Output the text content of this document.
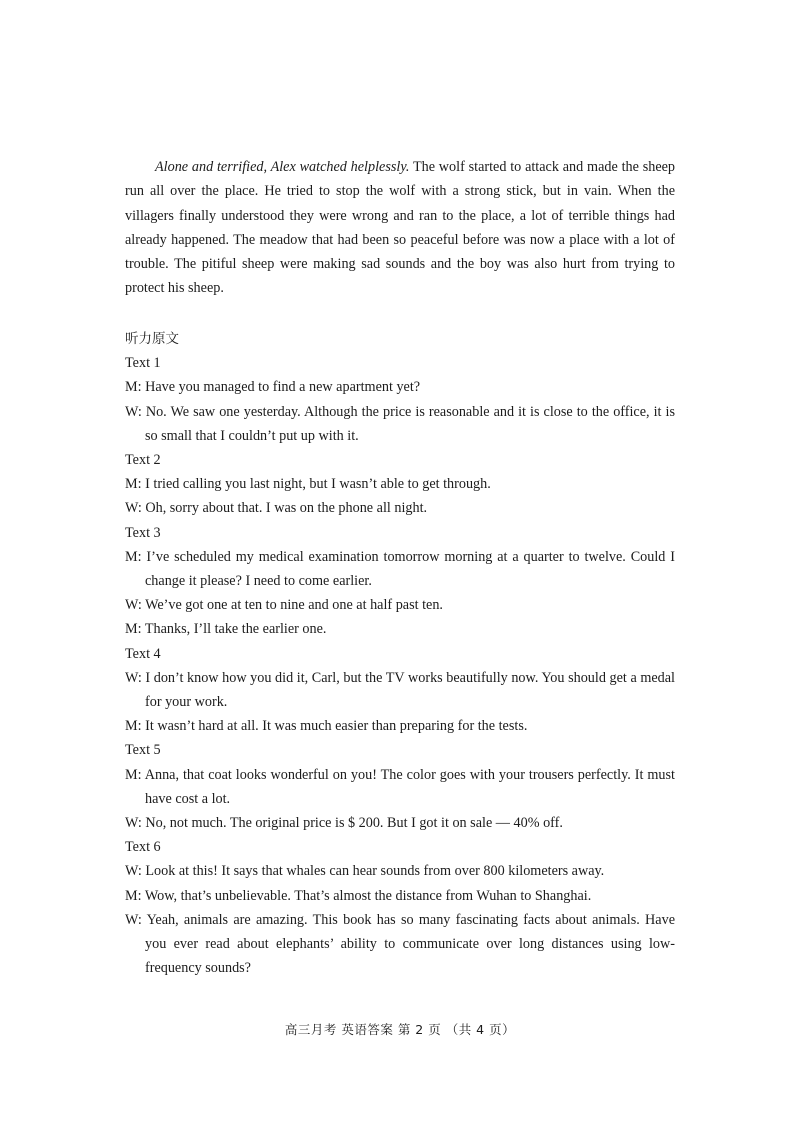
Alone and terrified, Alex watched helplessly. The wolf started to attack and made the sheep run all over the place. He tried to stop the wolf with a strong stick, but in vain. When the villagers finally understood they were wrong and ran to the place, a lot of terrible things had already happened. The meadow that had been so peaceful before was now a place with a lot of trouble. The pitiful sheep were making sad sounds and the boy was also hurt from trying to protect his sheep.

听力原文
Text 1

M: Have you managed to find a new apartment yet?

W: No. We saw one yesterday. Although the price is reasonable and it is close to the office, it is so small that I couldn’t put up with it.

Text 2

M: I tried calling you last night, but I wasn’t able to get through.

W: Oh, sorry about that. I was on the phone all night.

Text 3

M: I’ve scheduled my medical examination tomorrow morning at a quarter to twelve. Could I change it please? I need to come earlier.

W: We’ve got one at ten to nine and one at half past ten.

M: Thanks, I’ll take the earlier one.

Text 4

W: I don’t know how you did it, Carl, but the TV works beautifully now. You should get a medal for your work.

M: It wasn’t hard at all. It was much easier than preparing for the tests.

Text 5

M: Anna, that coat looks wonderful on you! The color goes with your trousers perfectly. It must have cost a lot.

W: No, not much. The original price is $ 200. But I got it on sale — 40% off.

Text 6

W: Look at this! It says that whales can hear sounds from over 800 kilometers away.

M: Wow, that’s unbelievable. That’s almost the distance from Wuhan to Shanghai.

W: Yeah, animals are amazing. This book has so many fascinating facts about animals. Have you ever read about elephants’ ability to communicate over long distances using low-frequency sounds?

高三月考 英语答案 第 2 页 （共 4 页）
